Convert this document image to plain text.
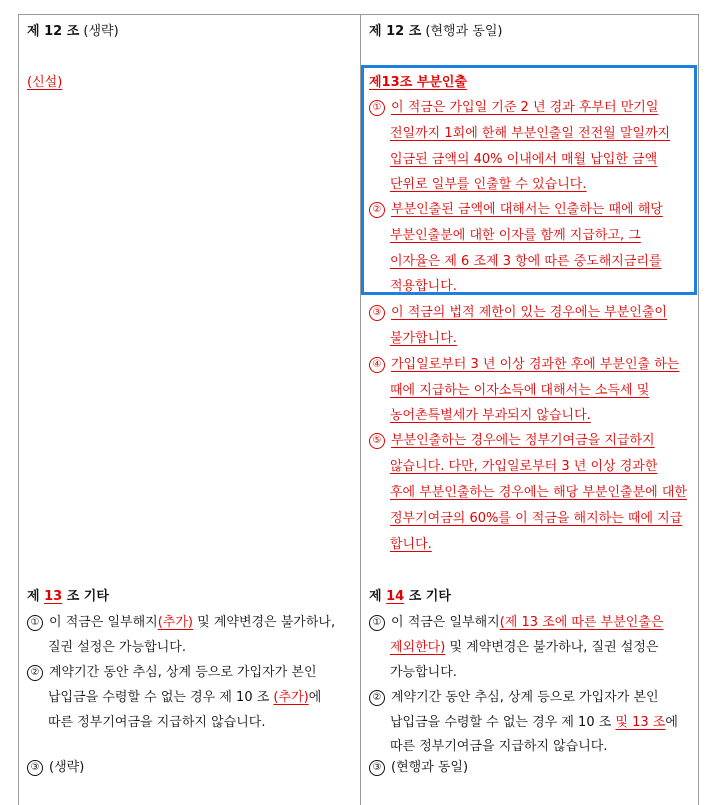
제 12 조 (생략)	제 12 조 (현행과 동일)
(신설)	제13조 부분인출
① 이 적금은 가입일 기준 2 년 경과 후부터 만기일
전일까지 1회에 한해 부분인출일 전전월 말일까지
입금된 금액의 40% 이내에서 매월 납입한 금액
단위로 일부를 인출할 수 있습니다.
② 부분인출된 금액에 대해서는 인출하는 때에 해당
부분인출분에 대한 이자를 함께 지급하고, 그
이자율은 제 6 조제 3 항에 따른 중도해지금리를
적용합니다.
③ 이 적금의 법적 제한이 있는 경우에는 부분인출이
불가합니다.
④ 가입일로부터 3 년 이상 경과한 후에 부분인출 하는
때에 지급하는 이자소득에 대해서는 소득세 및
농어촌특별세가 부과되지 않습니다.
⑤ 부분인출하는 경우에는 정부기여금을 지급하지
않습니다. 다만, 가입일로부터 3 년 이상 경과한
후에 부분인출하는 경우에는 해당 부분인출분에 대한
정부기여금의 60%를 이 적금을 해지하는 때에 지급
합니다.
제 13 조 기타
① 이 적금은 일부해지(추가) 및 계약변경은 불가하나,
질권 설정은 가능합니다.
② 계약기간 동안 추심, 상계 등으로 가입자가 본인
납입금을 수령할 수 없는 경우 제 10 조 (추가)에
따른 정부기여금을 지급하지 않습니다.
③ (생략)
제 14 조 기타
① 이 적금은 일부해지(제 13 조에 따른 부분인출은
제외한다) 및 계약변경은 불가하나, 질권 설정은
가능합니다.
② 계약기간 동안 추심, 상계 등으로 가입자가 본인
납입금을 수령할 수 없는 경우 제 10 조 및 13 조에
따른 정부기여금을 지급하지 않습니다.
③ (현행과 동일)
